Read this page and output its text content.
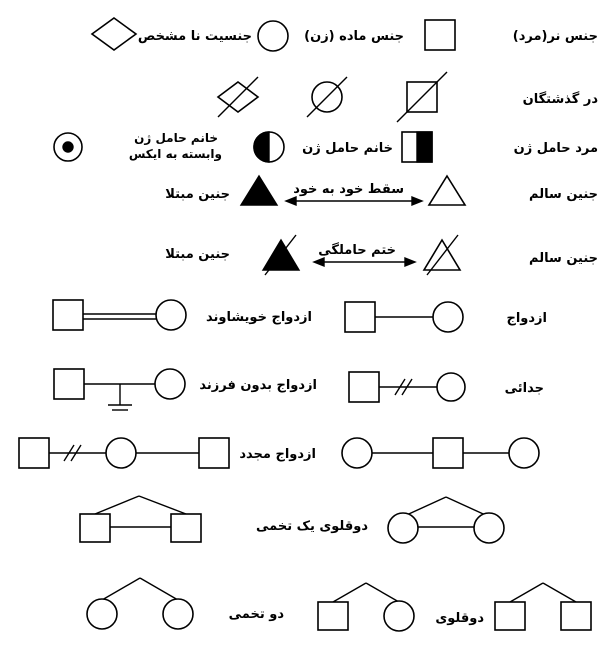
جنس نر(مرد)
جنس ماده (زن)
جنسیت نا مشخص
در گذشتگان
مرد حامل ژن
خانم حامل ژن
خانم حامل ژن
وابسته به ایکس
جنین سالم
سقط خود به خود
جنین مبتلا
جنین سالم
ختم حاملگی
جنین مبتلا
ازدواج
ازدواج خویشاوند
جدائی
ازدواج بدون فرزند
ازدواج مجدد
دوقلوی یک تخمی
دو تخمی	دوقلوی
